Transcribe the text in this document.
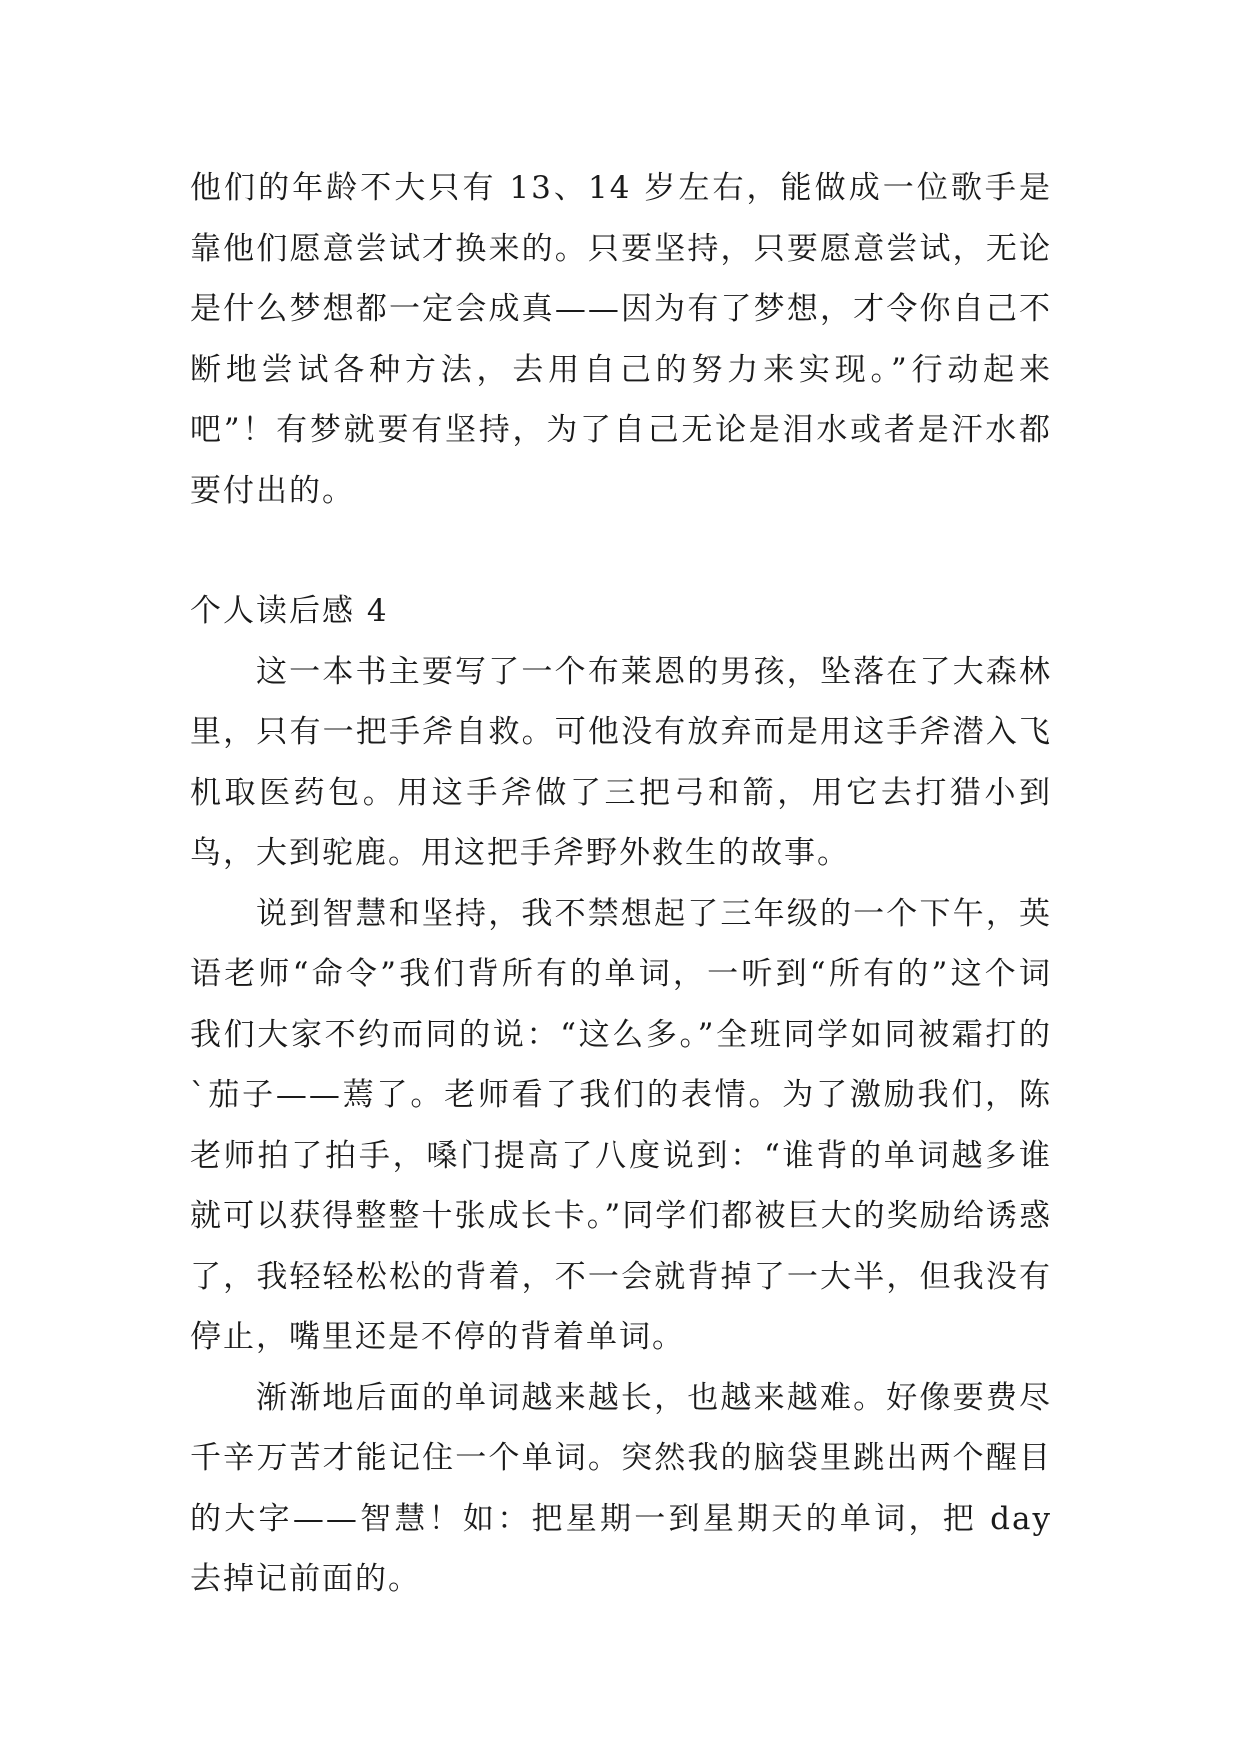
他们的年龄不大只有 13、14 岁左右，能做成一位歌手是靠他们愿意尝试才换来的。只要坚持，只要愿意尝试，无论是什么梦想都一定会成真——因为有了梦想，才令你自己不断地尝试各种方法，去用自己的努力来实现。”行动起来吧”！有梦就要有坚持，为了自己无论是泪水或者是汗水都要付出的。

个人读后感 4

这一本书主要写了一个布莱恩的男孩，坠落在了大森林里，只有一把手斧自救。可他没有放弃而是用这手斧潜入飞机取医药包。用这手斧做了三把弓和箭，用它去打猎小到鸟，大到驼鹿。用这把手斧野外救生的故事。

说到智慧和坚持，我不禁想起了三年级的一个下午，英语老师“命令”我们背所有的单词，一听到“所有的”这个词我们大家不约而同的说：“这么多。”全班同学如同被霜打的`茄子——蔫了。老师看了我们的表情。为了激励我们，陈老师拍了拍手，嗓门提高了八度说到：“谁背的单词越多谁就可以获得整整十张成长卡。”同学们都被巨大的奖励给诱惑了，我轻轻松松的背着，不一会就背掉了一大半，但我没有停止，嘴里还是不停的背着单词。

渐渐地后面的单词越来越长，也越来越难。好像要费尽千辛万苦才能记住一个单词。突然我的脑袋里跳出两个醒目的大字——智慧！如：把星期一到星期天的单词，把 day 去掉记前面的。
